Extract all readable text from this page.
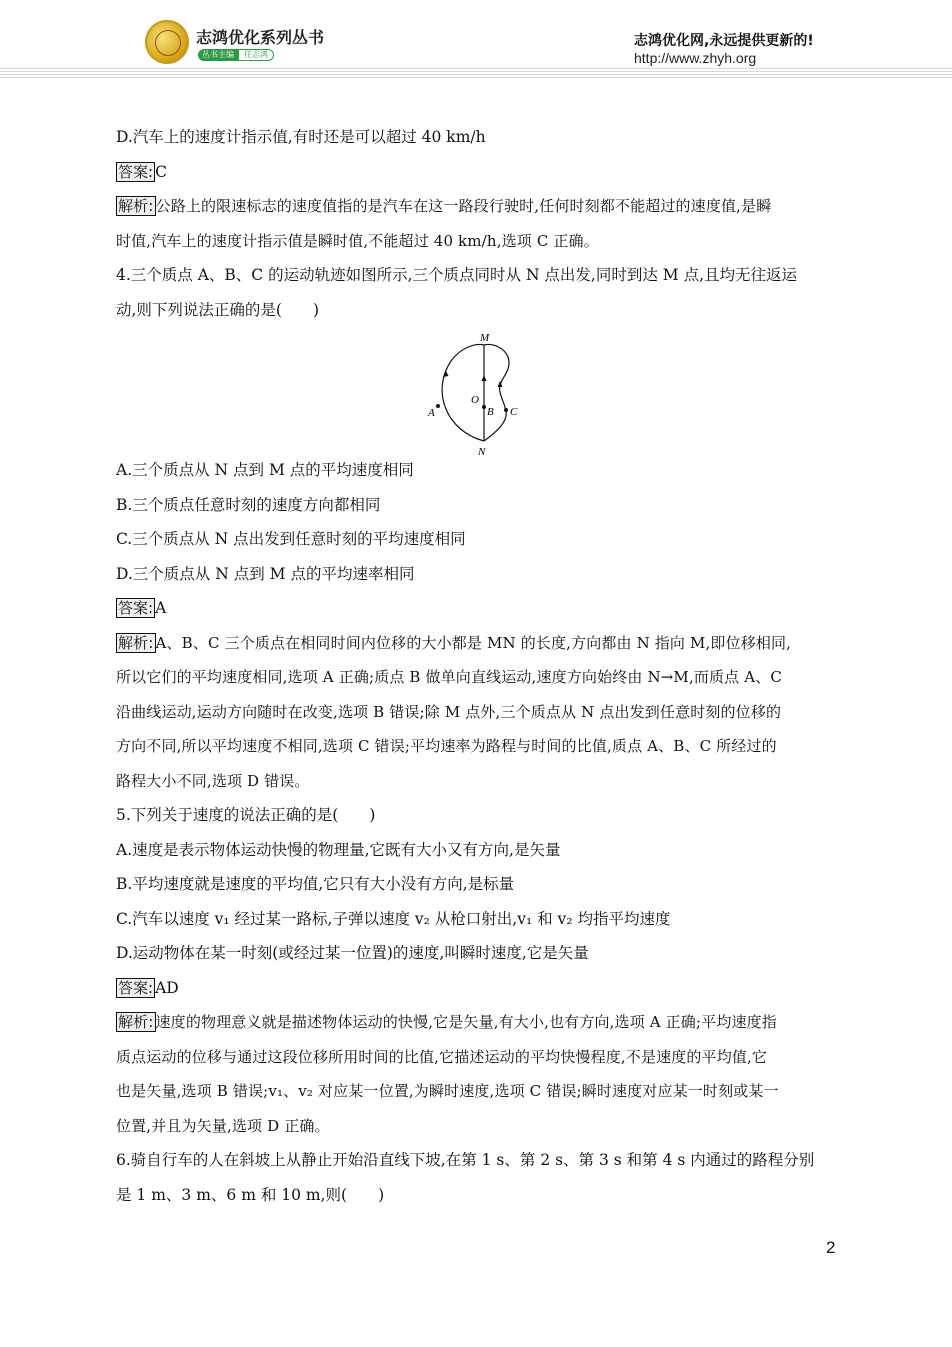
志鸿优化系列丛书
丛书主编	任志鸿
志鸿优化网,永远提供更新的!
http://www.zhyh.org
D.汽车上的速度计指示值,有时还是可以超过 40 km/h
答案: C
解析: 公路上的限速标志的速度值指的是汽车在这一路段行驶时,任何时刻都不能超过的速度值,是瞬
时值,汽车上的速度计指示值是瞬时值,不能超过 40 km/h,选项 C 正确。
4.三个质点 A、B、C 的运动轨迹如图所示,三个质点同时从 N 点出发,同时到达 M 点,且均无往返运
动,则下列说法正确的是(　　)
M
N
O
A	B C
A.三个质点从 N 点到 M 点的平均速度相同
B.三个质点任意时刻的速度方向都相同
C.三个质点从 N 点出发到任意时刻的平均速度相同
D.三个质点从 N 点到 M 点的平均速率相同
答案: A
解析: A、B、C 三个质点在相同时间内位移的大小都是 MN 的长度,方向都由 N 指向 M,即位移相同,
所以它们的平均速度相同,选项 A 正确;质点 B 做单向直线运动,速度方向始终由 N→M,而质点 A、C
沿曲线运动,运动方向随时在改变,选项 B 错误;除 M 点外,三个质点从 N 点出发到任意时刻的位移的
方向不同,所以平均速度不相同,选项 C 错误;平均速率为路程与时间的比值,质点 A、B、C 所经过的
路程大小不同,选项 D 错误。
5.下列关于速度的说法正确的是(　　)
A.速度是表示物体运动快慢的物理量,它既有大小又有方向,是矢量
B.平均速度就是速度的平均值,它只有大小没有方向,是标量
C.汽车以速度 v₁ 经过某一路标,子弹以速度 v₂ 从枪口射出,v₁ 和 v₂ 均指平均速度
D.运动物体在某一时刻(或经过某一位置)的速度,叫瞬时速度,它是矢量
答案: AD
解析: 速度的物理意义就是描述物体运动的快慢,它是矢量,有大小,也有方向,选项 A 正确;平均速度指
质点运动的位移与通过这段位移所用时间的比值,它描述运动的平均快慢程度,不是速度的平均值,它
也是矢量,选项 B 错误;v₁、v₂ 对应某一位置,为瞬时速度,选项 C 错误;瞬时速度对应某一时刻或某一
位置,并且为矢量,选项 D 正确。
6.骑自行车的人在斜坡上从静止开始沿直线下坡,在第 1 s、第 2 s、第 3 s 和第 4 s 内通过的路程分别
是 1 m、3 m、6 m 和 10 m,则(　　)
2
